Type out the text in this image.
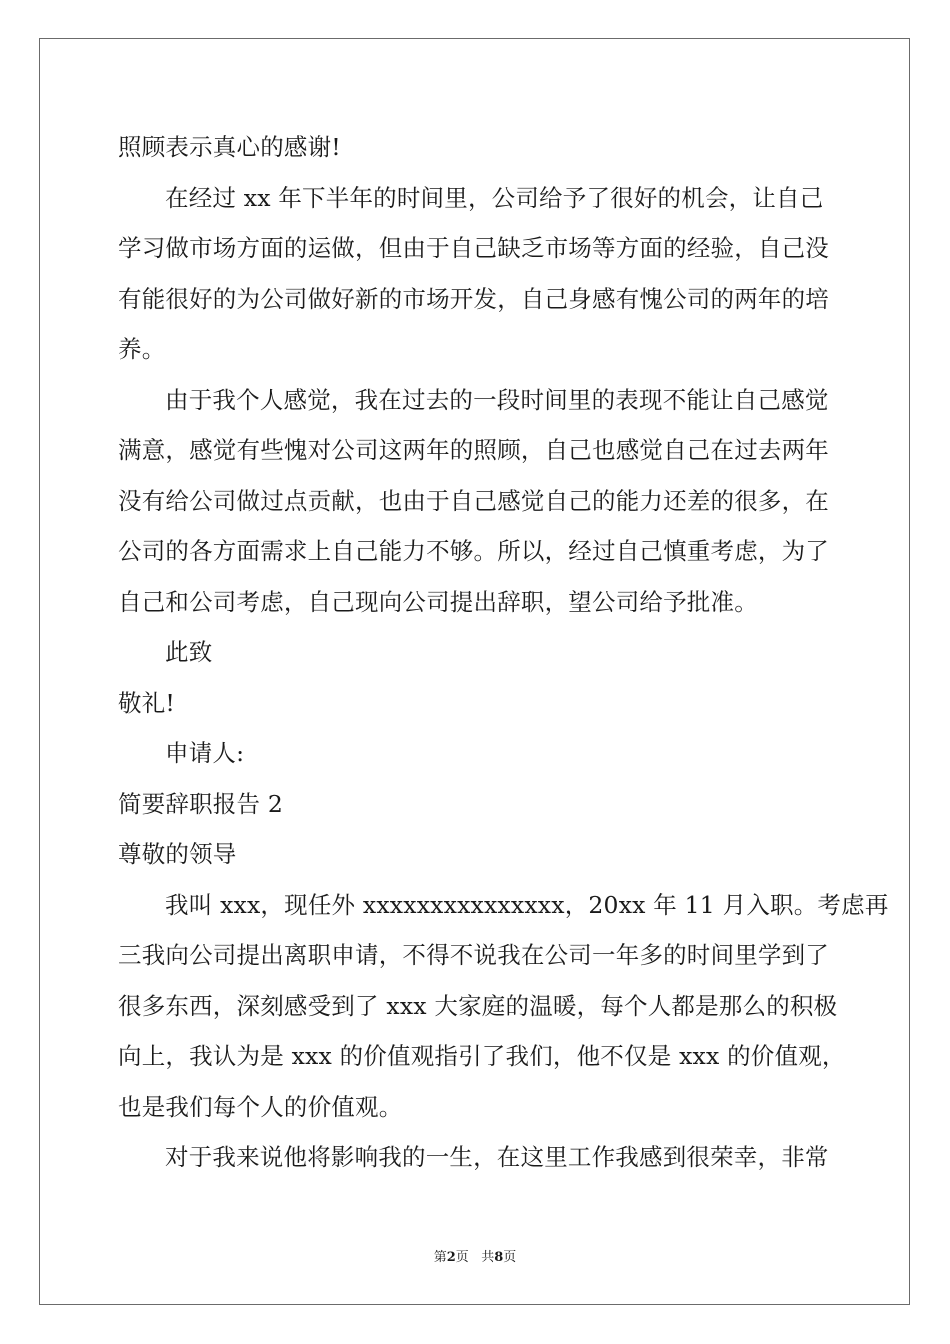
照顾表示真心的感谢!
在经过 xx 年下半年的时间里，公司给予了很好的机会，让自己
学习做市场方面的运做，但由于自己缺乏市场等方面的经验，自己没
有能很好的为公司做好新的市场开发，自己身感有愧公司的两年的培
养。
由于我个人感觉，我在过去的一段时间里的表现不能让自己感觉
满意，感觉有些愧对公司这两年的照顾，自己也感觉自己在过去两年
没有给公司做过点贡献，也由于自己感觉自己的能力还差的很多，在
公司的各方面需求上自己能力不够。所以，经过自己慎重考虑，为了
自己和公司考虑，自己现向公司提出辞职，望公司给予批准。
此致
敬礼!
申请人:
简要辞职报告 2
尊敬的领导
我叫 xxx，现任外 xxxxxxxxxxxxxxx，20xx 年 11 月入职。考虑再
三我向公司提出离职申请，不得不说我在公司一年多的时间里学到了
很多东西，深刻感受到了 xxx 大家庭的温暖，每个人都是那么的积极
向上，我认为是 xxx 的价值观指引了我们，他不仅是 xxx 的价值观，
也是我们每个人的价值观。
对于我来说他将影响我的一生，在这里工作我感到很荣幸，非常
第2页 共8页
